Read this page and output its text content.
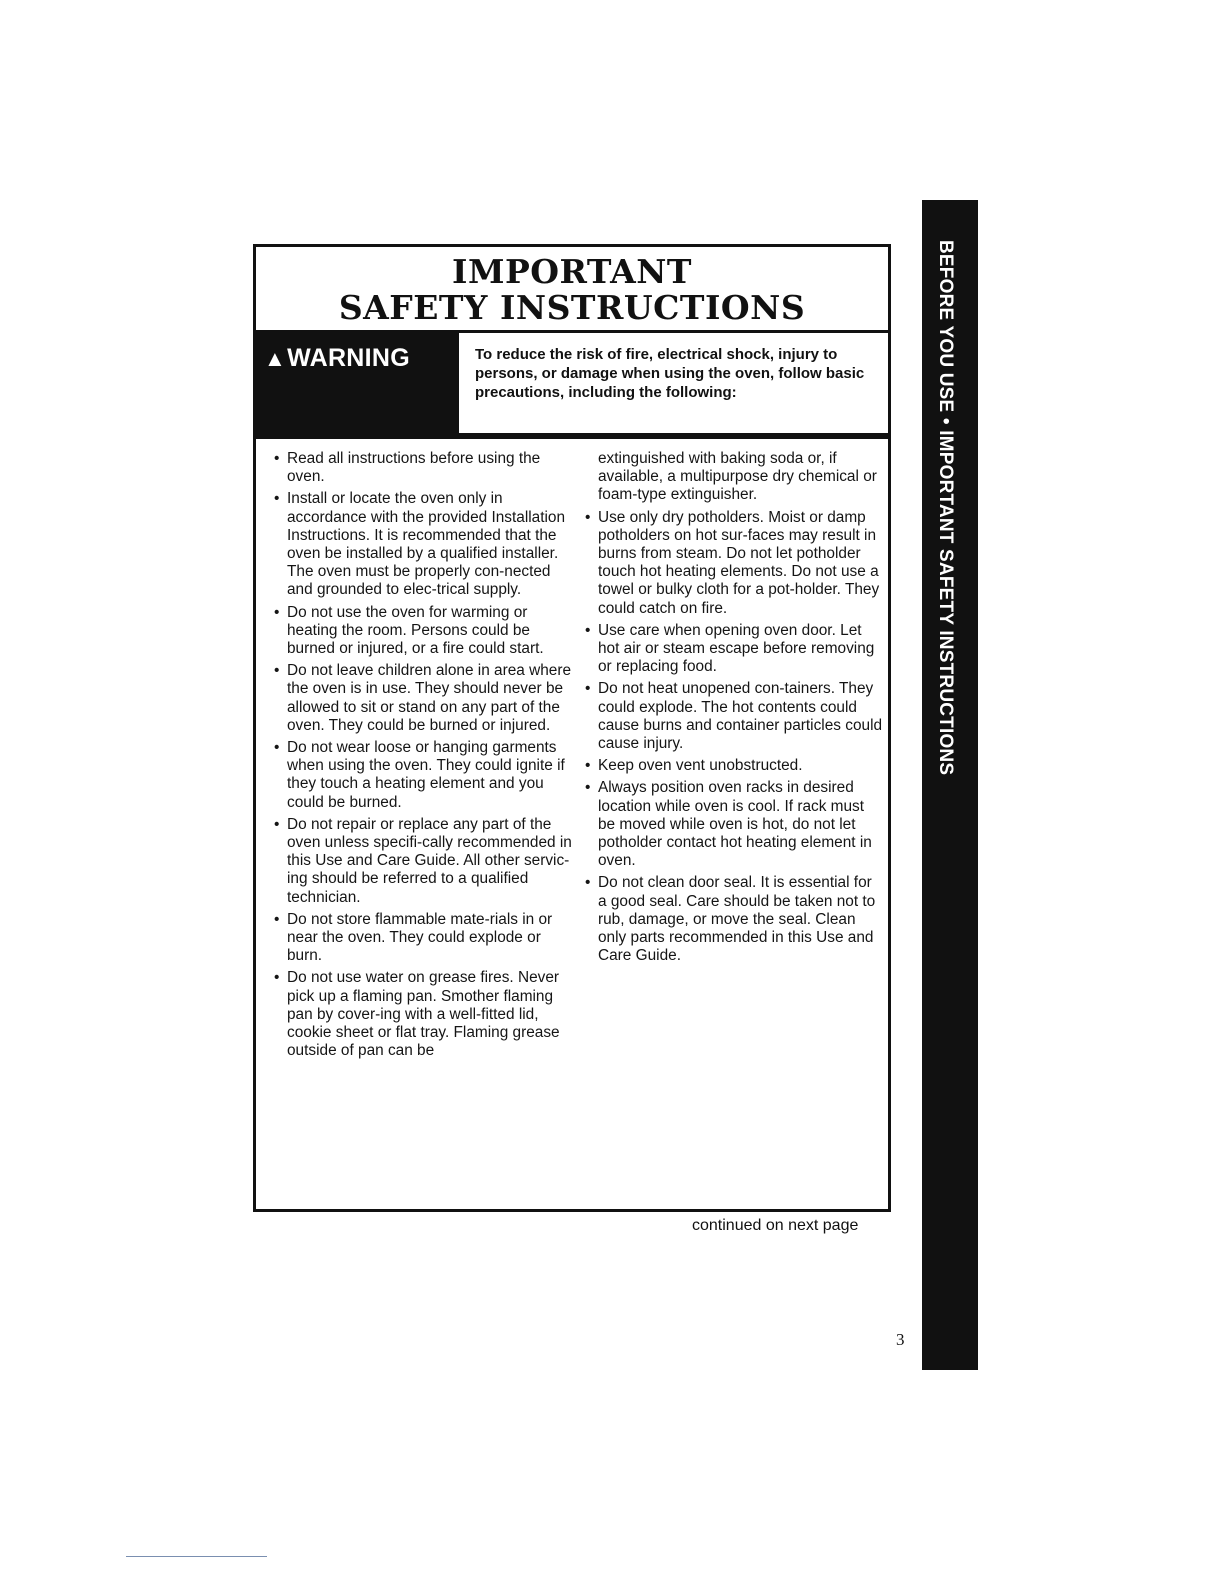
IMPORTANT
SAFETY INSTRUCTIONS
▲WARNING	To reduce the risk of fire, electrical shock, injury to persons, or damage when using the oven, follow basic precautions, including the following:
• Read all instructions before using the oven.
• Install or locate the oven only in accordance with the provided Installation Instructions. It is recommended that the oven be installed by a qualified installer. The oven must be properly con-nected and grounded to elec-trical supply.
• Do not use the oven for warming or heating the room. Persons could be burned or injured, or a fire could start.
• Do not leave children alone in area where the oven is in use. They should never be allowed to sit or stand on any part of the oven. They could be burned or injured.
• Do not wear loose or hanging garments when using the oven. They could ignite if they touch a heating element and you could be burned.
• Do not repair or replace any part of the oven unless specifi-cally recommended in this Use and Care Guide. All other servic-ing should be referred to a qualified technician.
• Do not store flammable mate-rials in or near the oven. They could explode or burn.
• Do not use water on grease fires. Never pick up a flaming pan. Smother flaming pan by cover-ing with a well-fitted lid, cookie sheet or flat tray. Flaming grease outside of pan can be

extinguished with baking soda or, if available, a multipurpose dry chemical or foam-type extinguisher.

• Use only dry potholders. Moist or damp potholders on hot sur-faces may result in burns from steam. Do not let potholder touch hot heating elements. Do not use a towel or bulky cloth for a pot-holder. They could catch on fire.
• Use care when opening oven door. Let hot air or steam escape before removing or replacing food.
• Do not heat unopened con-tainers. They could explode. The hot contents could cause burns and container particles could cause injury.
• Keep oven vent unobstructed.
• Always position oven racks in desired location while oven is cool. If rack must be moved while oven is hot, do not let potholder contact hot heating element in oven.
• Do not clean door seal. It is essential for a good seal. Care should be taken not to rub, damage, or move the seal. Clean only parts recommended in this Use and Care Guide.
continued on next page
3
BEFORE YOU USE • IMPORTANT SAFETY INSTRUCTIONS
